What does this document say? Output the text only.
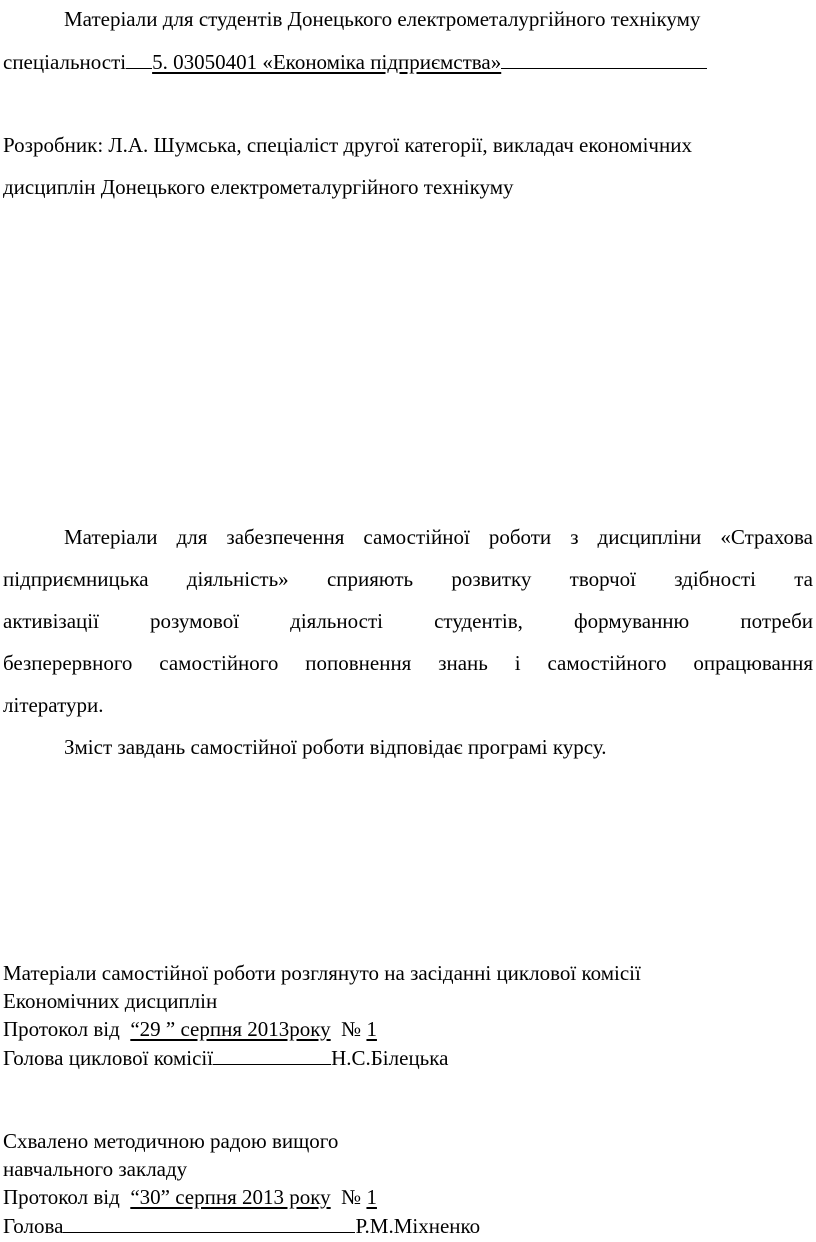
Матеріали для студентів Донецького електрометалургійного технікуму
спеціальності 5. 03050401 «Економіка підприємства»
Розробник: Л.А. Шумська, спеціаліст другої категорії, викладач економічних
дисциплін Донецького електрометалургійного технікуму
Матеріали для забезпечення самостійної роботи з дисципліни «Страхова
підприємницька діяльність» сприяють розвитку творчої здібності та
активізації розумової діяльності студентів, формуванню потреби
безперервного самостійного поповнення знань і самостійного опрацювання
літератури.
Зміст завдань самостійної роботи відповідає програмі курсу.
Матеріали самостійної роботи розглянуто на засіданні циклової комісії
Економічних дисциплін
Протокол від “29 ” серпня 2013року № 1
Голова циклової комісії	Н.С.Білецька
Схвалено методичною радою вищого
навчального закладу
Протокол від “30” серпня 2013 року № 1
Голова	Р.М.Міхненко
